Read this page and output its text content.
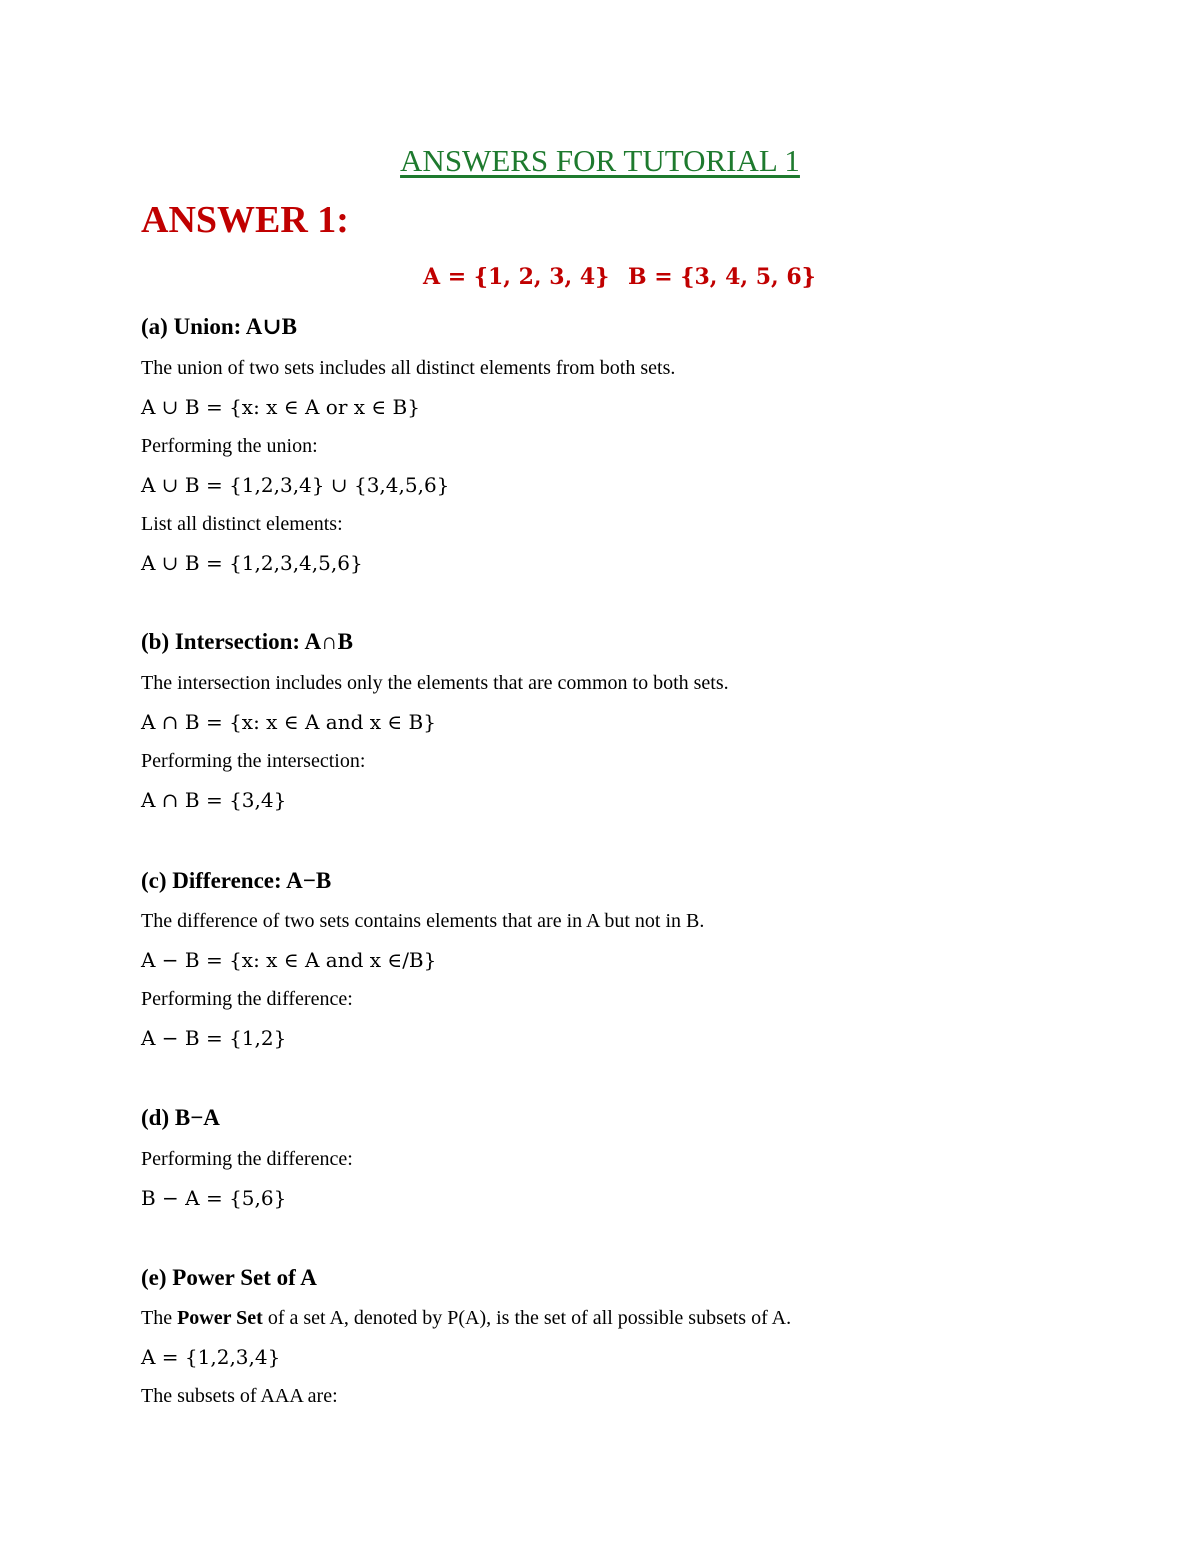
ANSWERS FOR TUTORIAL 1
ANSWER 1:
A = {1, 2, 3, 4} B = {3, 4, 5, 6}
(a) Union: A∪B
The union of two sets includes all distinct elements from both sets.
A ∪ B = {x: x ∈ A or x ∈ B}
Performing the union:
A ∪ B = {1,2,3,4} ∪ {3,4,5,6}
List all distinct elements:
A ∪ B = {1,2,3,4,5,6}
(b) Intersection: A∩B
The intersection includes only the elements that are common to both sets.
A ∩ B = {x: x ∈ A and x ∈ B}
Performing the intersection:
A ∩ B = {3,4}
(c) Difference: A−B
The difference of two sets contains elements that are in A but not in B.
A − B = {x: x ∈ A and x ∈/B}
Performing the difference:
A − B = {1,2}
(d) B−A
Performing the difference:
B − A = {5,6}
(e) Power Set of A
The Power Set of a set A, denoted by P(A), is the set of all possible subsets of A.
A = {1,2,3,4}
The subsets of AAA are:
